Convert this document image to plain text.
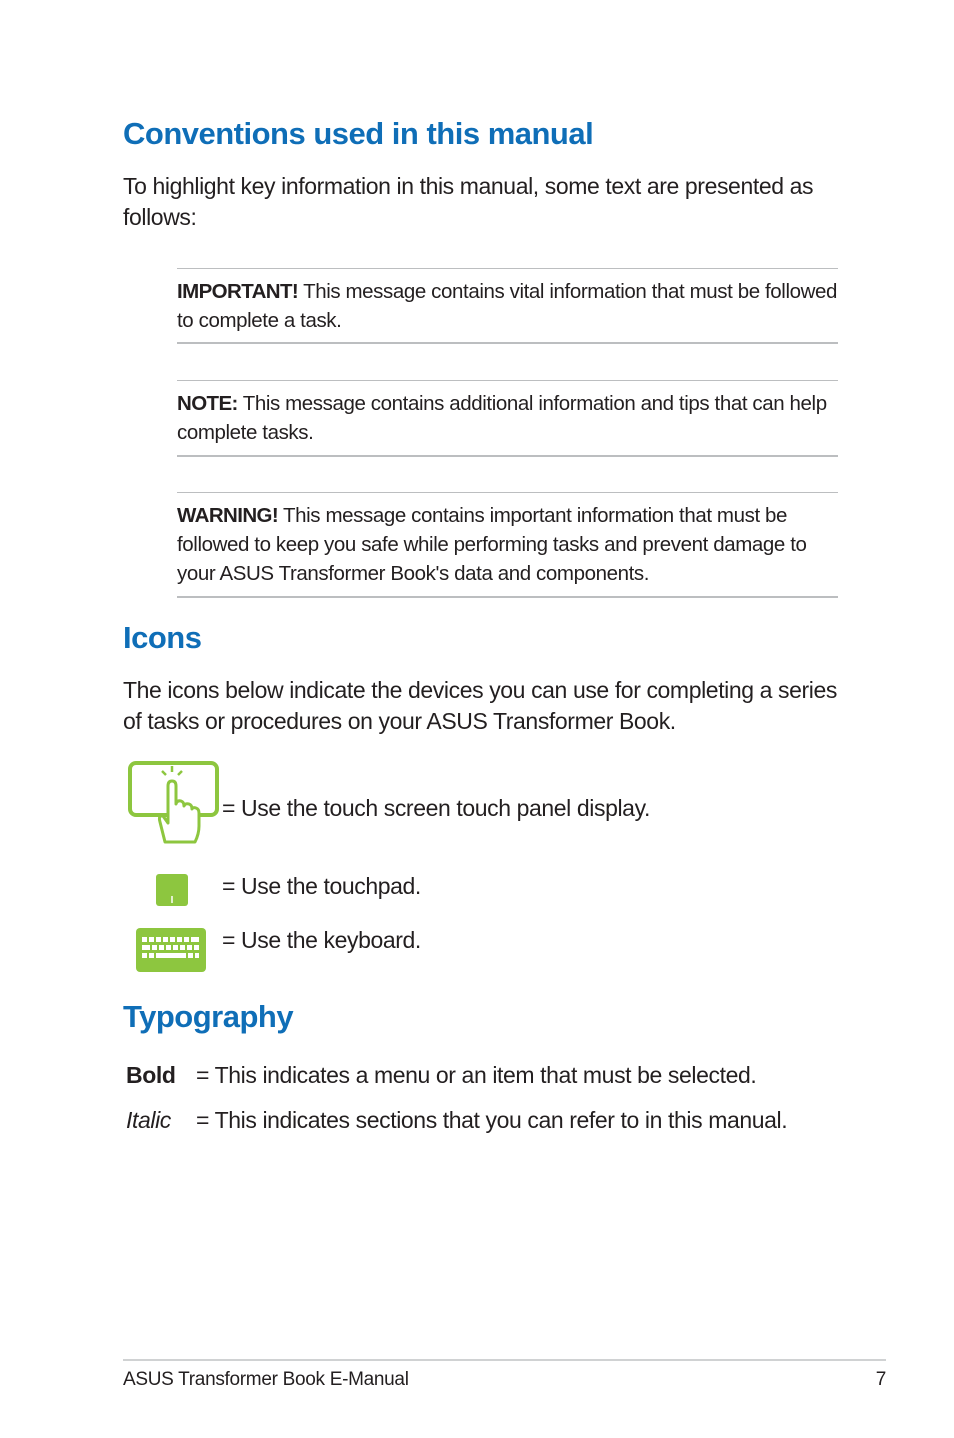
Conventions used in this manual

To highlight key information in this manual, some text are presented as follows:

IMPORTANT! This message contains vital information that must be followed to complete a task.

NOTE: This message contains additional information and tips that can help complete tasks.

WARNING! This message contains important information that must be followed to keep you safe while performing tasks and prevent damage to your ASUS Transformer Book's data and components.

Icons

The icons below indicate the devices you can use for completing a series of tasks or procedures on your ASUS Transformer Book.

= Use the touch screen touch panel display.

= Use the touchpad.

= Use the keyboard.

Typography
Bold = This indicates a menu or an item that must be selected.
Italic = This indicates sections that you can refer to in this manual.
ASUS Transformer Book E-Manual	7
